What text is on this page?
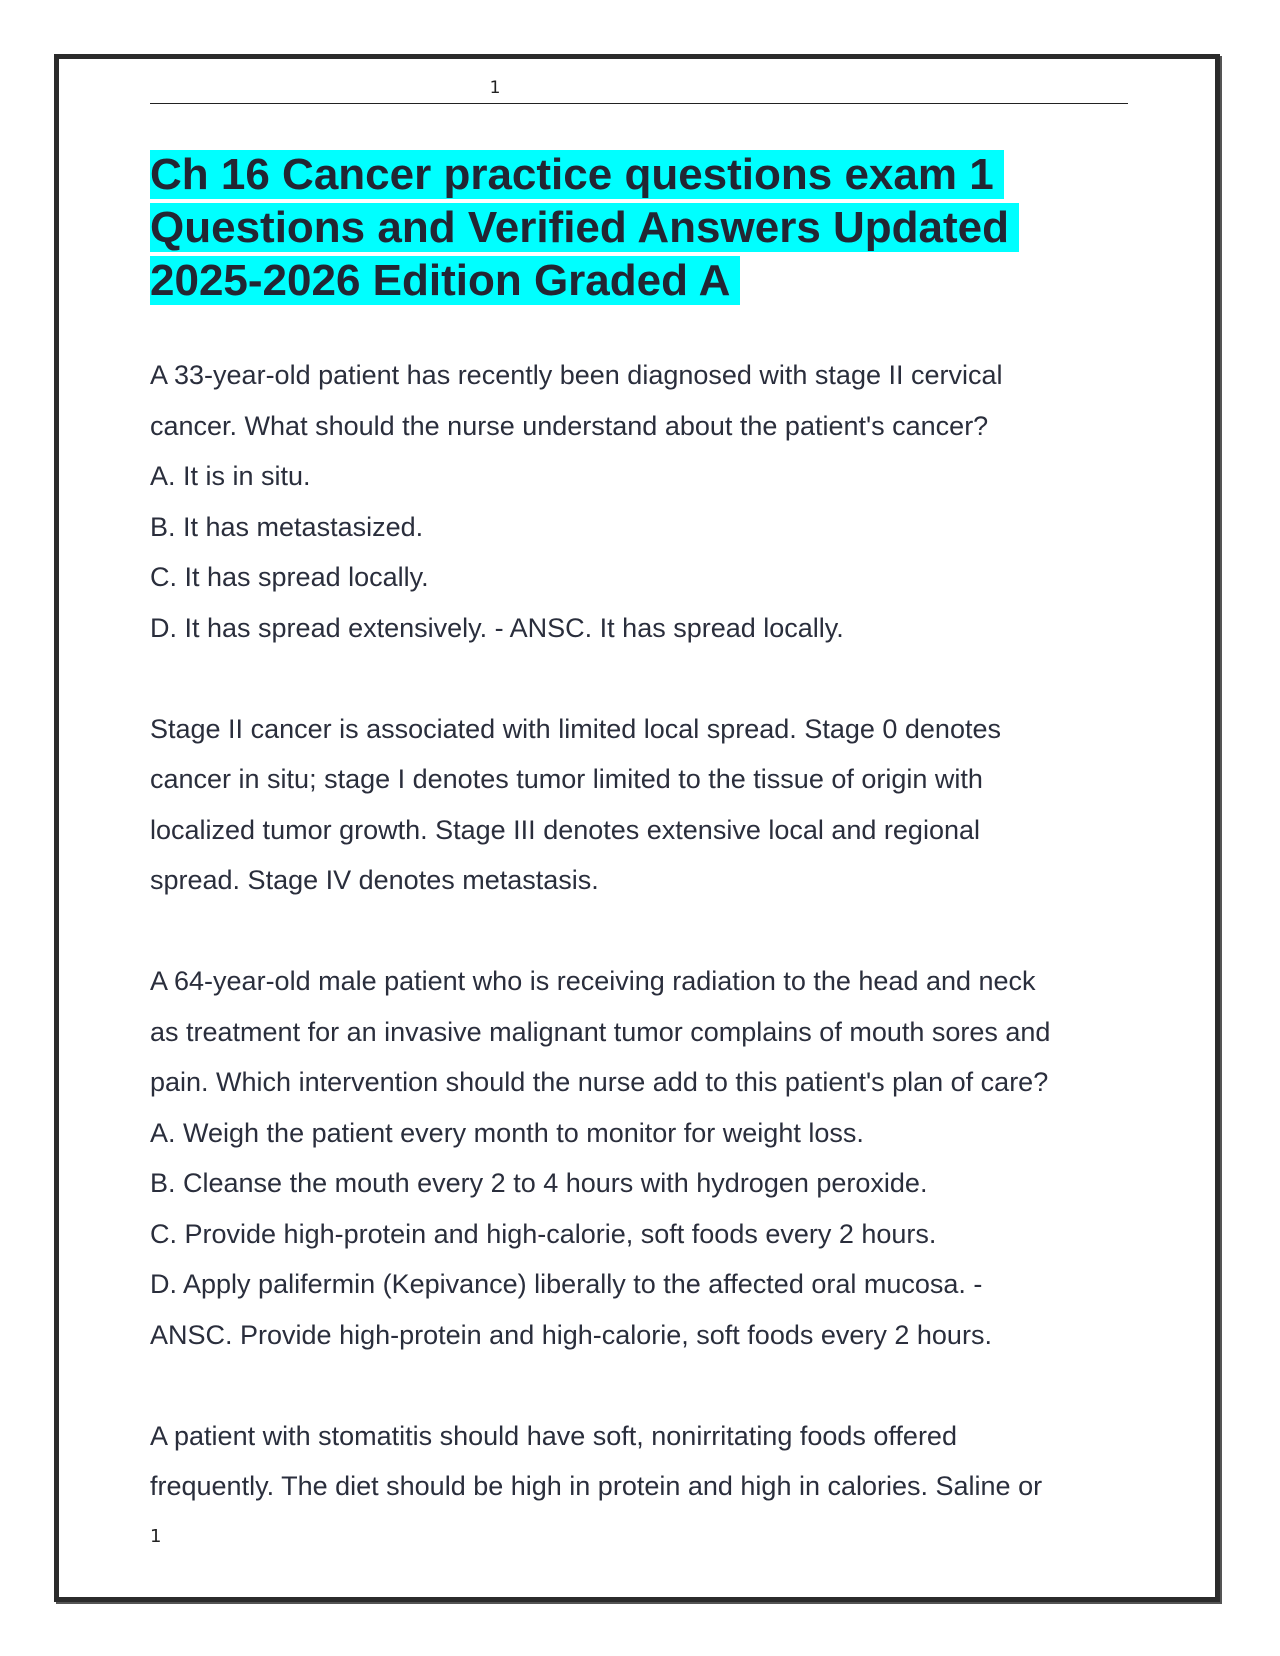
1
Ch 16 Cancer practice questions exam 1
Questions and Verified Answers Updated
2025-2026 Edition Graded A

A 33-year-old patient has recently been diagnosed with stage II cervical

cancer. What should the nurse understand about the patient's cancer?

A. It is in situ.

B. It has metastasized.

C. It has spread locally.

D. It has spread extensively. - ANSC. It has spread locally.

Stage II cancer is associated with limited local spread. Stage 0 denotes

cancer in situ; stage I denotes tumor limited to the tissue of origin with

localized tumor growth. Stage III denotes extensive local and regional

spread. Stage IV denotes metastasis.

A 64-year-old male patient who is receiving radiation to the head and neck

as treatment for an invasive malignant tumor complains of mouth sores and

pain. Which intervention should the nurse add to this patient's plan of care?

A. Weigh the patient every month to monitor for weight loss.

B. Cleanse the mouth every 2 to 4 hours with hydrogen peroxide.

C. Provide high-protein and high-calorie, soft foods every 2 hours.

D. Apply palifermin (Kepivance) liberally to the affected oral mucosa. -

ANSC. Provide high-protein and high-calorie, soft foods every 2 hours.

A patient with stomatitis should have soft, nonirritating foods offered

frequently. The diet should be high in protein and high in calories. Saline or

1
